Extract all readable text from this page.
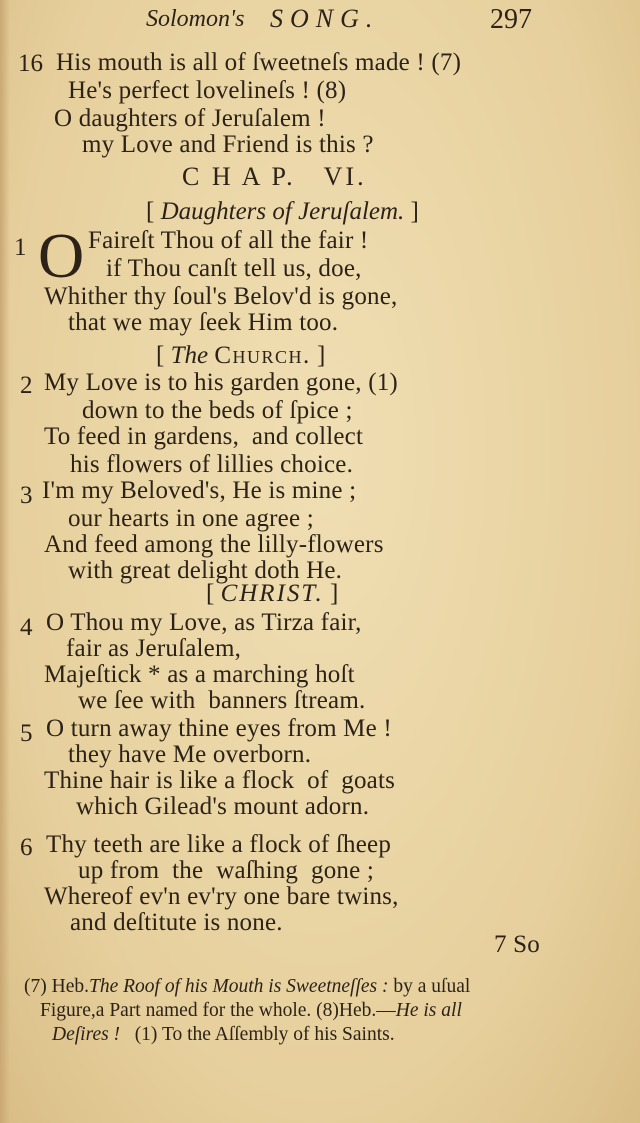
Solomon's SONG.	297
16 His mouth is all of ſweetneſs made ! (7)
He's perfect lovelineſs ! (8)
O daughters of Jeruſalem !
my Love and Friend is this ?
C H A P.   VI.
[ Daughters of Jeruſalem. ]
1 O Faireſt Thou of all the fair !
if Thou canſt tell us, doe,
Whither thy ſoul's Belov'd is gone,
that we may ſeek Him too.
[ The Church. ]
2 My Love is to his garden gone, (1)
down to the beds of ſpice ;
To feed in gardens,  and collect
his flowers of lillies choice.
3 I'm my Beloved's, He is mine ;
our hearts in one agree ;
And feed among the lilly-flowers
with great delight doth He.
[ CHRIST. ]
4 O Thou my Love, as Tirza fair,
fair as Jeruſalem,
Majeſtick * as a marching hoſt
we ſee with  banners ſtream.
5 O turn away thine eyes from Me !
they have Me overborn.
Thine hair is like a flock  of  goats
which Gilead's mount adorn.
6 Thy teeth are like a flock of ſheep
up from  the  waſhing  gone ;
Whereof ev'n ev'ry one bare twins,
and deſtitute is none.
7 So
(7) Heb.The Roof of his Mouth is Sweetneſſes : by a uſual
Figure,a Part named for the whole. (8)Heb.—He is all
Deſires ! (1) To the Aſſembly of his Saints.
